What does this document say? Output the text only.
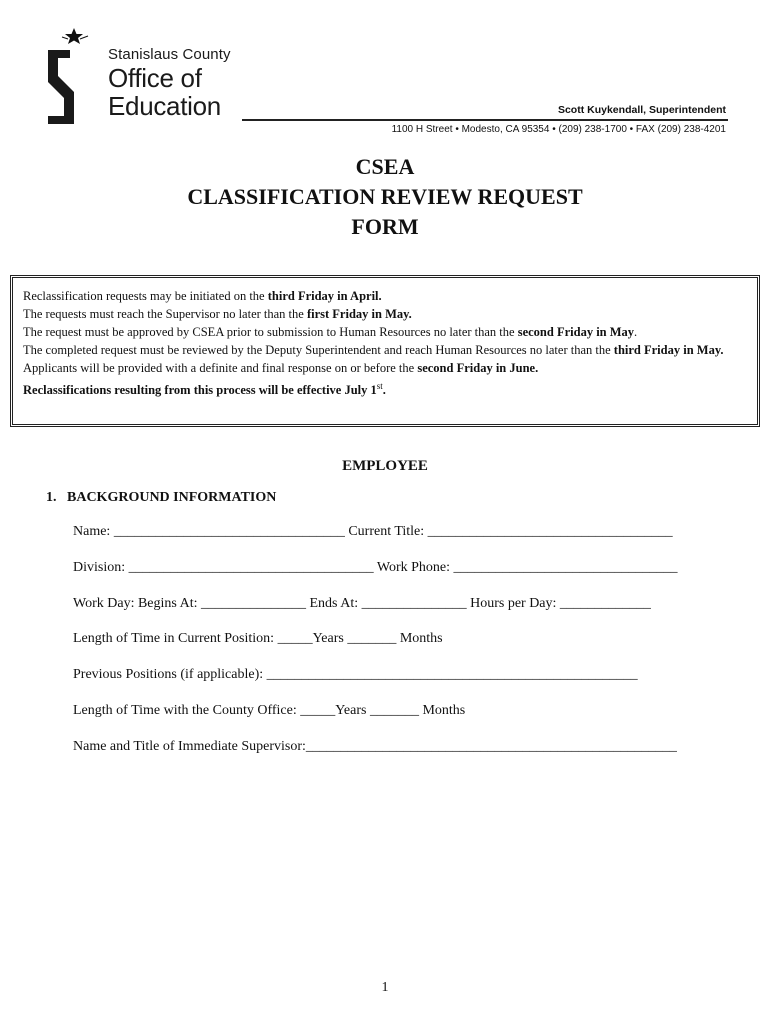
Stanislaus County
Office of
Education	Scott Kuykendall, Superintendent
1100 H Street • Modesto, CA 95354 • (209) 238-1700 • FAX (209) 238-4201
CSEA
CLASSIFICATION REVIEW REQUEST
FORM

Reclassification requests may be initiated on the third Friday in April.

The requests must reach the Supervisor no later than the first Friday in May.

The request must be approved by CSEA prior to submission to Human Resources no later than the second Friday in May.

The completed request must be reviewed by the Deputy Superintendent and reach Human Resources no later than the third Friday in May.

Applicants will be provided with a definite and final response on or before the second Friday in June.

Reclassifications resulting from this process will be effective July 1st.

EMPLOYEE
1.   BACKGROUND INFORMATION
Name: _________________________________ Current Title: ___________________________________
Division: ___________________________________ Work Phone: ________________________________
Work Day: Begins At: _______________ Ends At: _______________ Hours per Day: _____________
Length of Time in Current Position: _____Years _______ Months
Previous Positions (if applicable): _____________________________________________________
Length of Time with the County Office: _____Years _______ Months
Name and Title of Immediate Supervisor:_____________________________________________________
1
